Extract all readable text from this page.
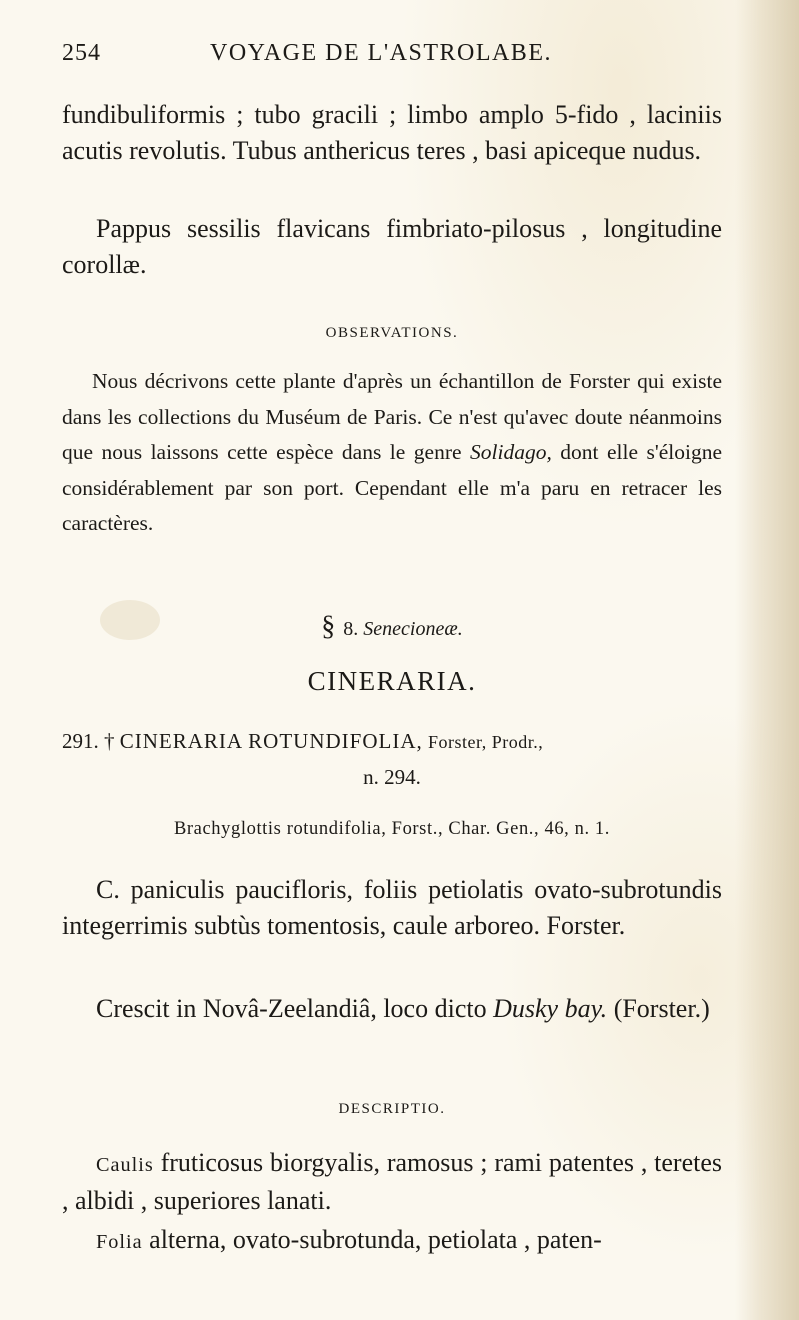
254	VOYAGE DE L'ASTROLABE.

fundibuliformis ; tubo gracili ; limbo amplo 5-fido , laciniis acutis revolutis. Tubus anthericus teres , basi apiceque nudus.

Pappus sessilis flavicans fimbriato-pilosus , longitudine corollæ.

OBSERVATIONS.

Nous décrivons cette plante d'après un échantillon de Forster qui existe dans les collections du Muséum de Paris. Ce n'est qu'avec doute néanmoins que nous laissons cette espèce dans le genre Solidago, dont elle s'éloigne considérablement par son port. Cependant elle m'a paru en retracer les caractères.

§ 8. Senecioneæ.
CINERARIA.
291. † CINERARIA ROTUNDIFOLIA, Forster, Prodr.,
n. 294.
Brachyglottis rotundifolia, Forst., Char. Gen., 46, n. 1.

C. paniculis paucifloris, foliis petiolatis ovato-subrotundis integerrimis subtùs tomentosis, caule arboreo. Forster.

Crescit in Novâ-Zeelandiâ, loco dicto Dusky bay. (Forster.)

DESCRIPTIO.

Caulis fruticosus biorgyalis, ramosus ; rami patentes , teretes , albidi , superiores lanati.

Folia alterna, ovato-subrotunda, petiolata , paten-
